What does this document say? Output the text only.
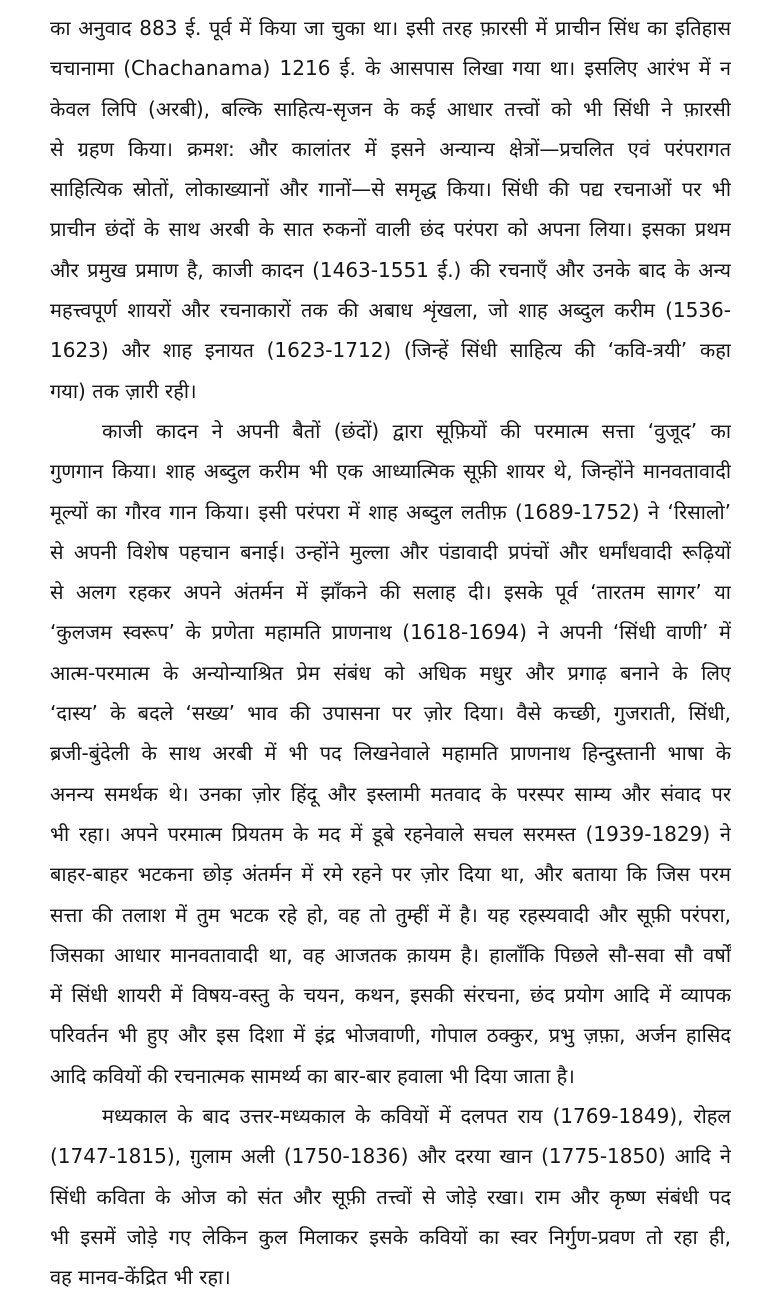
का अनुवाद 883 ई. पूर्व में किया जा चुका था। इसी तरह फ़ारसी में प्राचीन सिंध का इतिहास
चचानामा (Chachanama) 1216 ई. के आसपास लिखा गया था। इसलिए आरंभ में न
केवल लिपि (अरबी), बल्कि साहित्य-सृजन के कई आधार तत्त्वों को भी सिंधी ने फ़ारसी
से ग्रहण किया। क्रमश: और कालांतर में इसने अन्यान्य क्षेत्रों—प्रचलित एवं परंपरागत
साहित्यिक स्रोतों, लोकाख्यानों और गानों—से समृद्ध किया। सिंधी की पद्य रचनाओं पर भी
प्राचीन छंदों के साथ अरबी के सात रुकनों वाली छंद परंपरा को अपना लिया। इसका प्रथम
और प्रमुख प्रमाण है, काजी कादन (1463-1551 ई.) की रचनाएँ और उनके बाद के अन्य
महत्त्वपूर्ण शायरों और रचनाकारों तक की अबाध शृंखला, जो शाह अब्दुल करीम (1536-
1623) और शाह इनायत (1623-1712) (जिन्हें सिंधी साहित्य की ‘कवि-त्रयी’ कहा
गया) तक ज़ारी रही।
काजी कादन ने अपनी बैतों (छंदों) द्वारा सूफ़ियों की परमात्म सत्ता ‘वुजूद’ का
गुणगान किया। शाह अब्दुल करीम भी एक आध्यात्मिक सूफ़ी शायर थे, जिन्होंने मानवतावादी
मूल्यों का गौरव गान किया। इसी परंपरा में शाह अब्दुल लतीफ़ (1689-1752) ने ‘रिसालो’
से अपनी विशेष पहचान बनाई। उन्होंने मुल्ला और पंडावादी प्रपंचों और धर्मांधवादी रूढ़ियों
से अलग रहकर अपने अंतर्मन में झाँकने की सलाह दी। इसके पूर्व ‘तारतम सागर’ या
‘कुलजम स्वरूप’ के प्रणेता महामति प्राणनाथ (1618-1694) ने अपनी ‘सिंधी वाणी’ में
आत्म-परमात्म के अन्योन्याश्रित प्रेम संबंध को अधिक मधुर और प्रगाढ़ बनाने के लिए
‘दास्य’ के बदले ‘सख्य’ भाव की उपासना पर ज़ोर दिया। वैसे कच्छी, गुजराती, सिंधी,
ब्रजी-बुंदेली के साथ अरबी में भी पद लिखनेवाले महामति प्राणनाथ हिन्दुस्तानी भाषा के
अनन्य समर्थक थे। उनका ज़ोर हिंदू और इस्लामी मतवाद के परस्पर साम्य और संवाद पर
भी रहा। अपने परमात्म प्रियतम के मद में डूबे रहनेवाले सचल सरमस्त (1939-1829) ने
बाहर-बाहर भटकना छोड़ अंतर्मन में रमे रहने पर ज़ोर दिया था, और बताया कि जिस परम
सत्ता की तलाश में तुम भटक रहे हो, वह तो तुम्हीं में है। यह रहस्यवादी और सूफ़ी परंपरा,
जिसका आधार मानवतावादी था, वह आजतक क़ायम है। हालाँकि पिछले सौ-सवा सौ वर्षों
में सिंधी शायरी में विषय-वस्तु के चयन, कथन, इसकी संरचना, छंद प्रयोग आदि में व्यापक
परिवर्तन भी हुए और इस दिशा में इंद्र भोजवाणी, गोपाल ठक्कुर, प्रभु ज़फ़ा, अर्जन हासिद
आदि कवियों की रचनात्मक सामर्थ्य का बार-बार हवाला भी दिया जाता है।
मध्यकाल के बाद उत्तर-मध्यकाल के कवियों में दलपत राय (1769-1849), रोहल
(1747-1815), ग़ुलाम अली (1750-1836) और दरया खान (1775-1850) आदि ने
सिंधी कविता के ओज को संत और सूफ़ी तत्त्वों से जोड़े रखा। राम और कृष्ण संबंधी पद
भी इसमें जोड़े गए लेकिन कुल मिलाकर इसके कवियों का स्वर निर्गुण-प्रवण तो रहा ही,
वह मानव-केंद्रित भी रहा।
